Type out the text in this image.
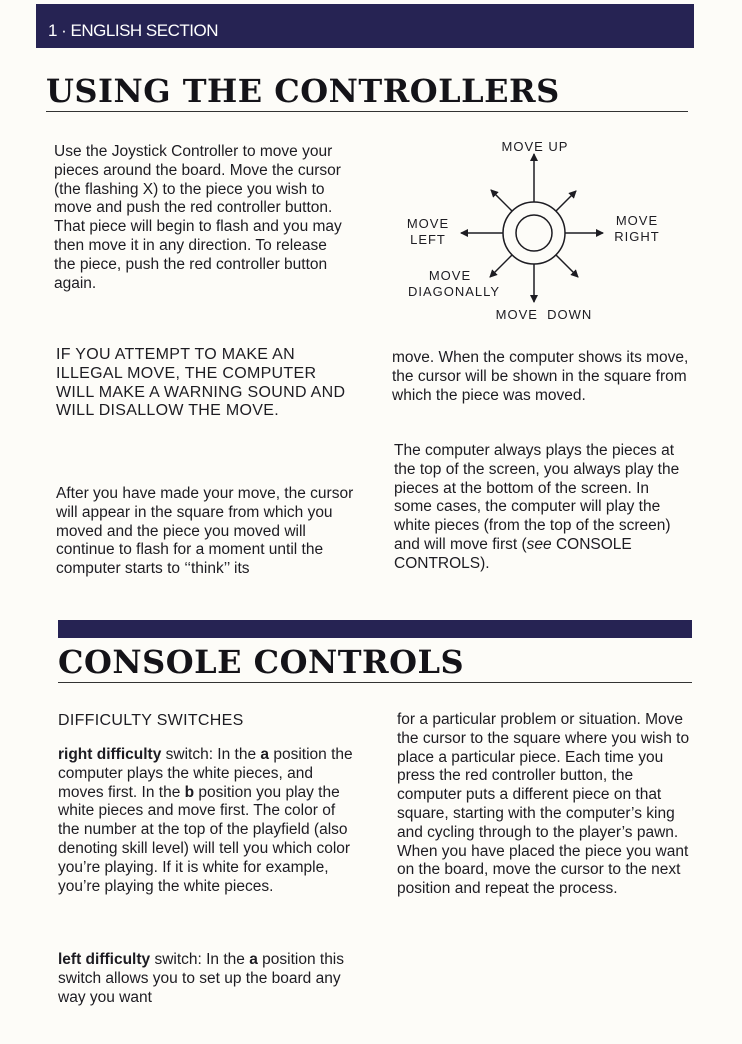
1 · ENGLISH SECTION
USING THE CONTROLLERS

Use the Joystick Controller to move your pieces around the board. Move the cursor (the flashing X) to the piece you wish to move and push the red controller button. That piece will begin to flash and you may then move it in any direction. To release the piece, push the red controller button again.

MOVE UP
MOVE
LEFT
MOVE
RIGHT
MOVE
DIAGONALLY
MOVE  DOWN

IF YOU ATTEMPT TO MAKE AN ILLEGAL MOVE, THE COMPUTER WILL MAKE A WARNING SOUND AND WILL DISALLOW THE MOVE.

After you have made your move, the cursor will appear in the square from which you moved and the piece you moved will continue to flash for a moment until the computer starts to ‘‘think’’ its

move. When the computer shows its move, the cursor will be shown in the square from which the piece was moved.

The computer always plays the pieces at the top of the screen, you always play the pieces at the bottom of the screen. In some cases, the computer will play the white pieces (from the top of the screen) and will move first (see CONSOLE CONTROLS).

CONSOLE CONTROLS

DIFFICULTY SWITCHES

right difficulty switch: In the a position the computer plays the white pieces, and moves first. In the b position you play the white pieces and move first. The color of the number at the top of the playfield (also denoting skill level) will tell you which color you’re playing. If it is white for example, you’re playing the white pieces.

left difficulty switch: In the a position this switch allows you to set up the board any way you want

for a particular problem or situation. Move the cursor to the square where you wish to place a particular piece. Each time you press the red controller button, the computer puts a different piece on that square, starting with the computer’s king and cycling through to the player’s pawn. When you have placed the piece you want on the board, move the cursor to the next position and repeat the process.
